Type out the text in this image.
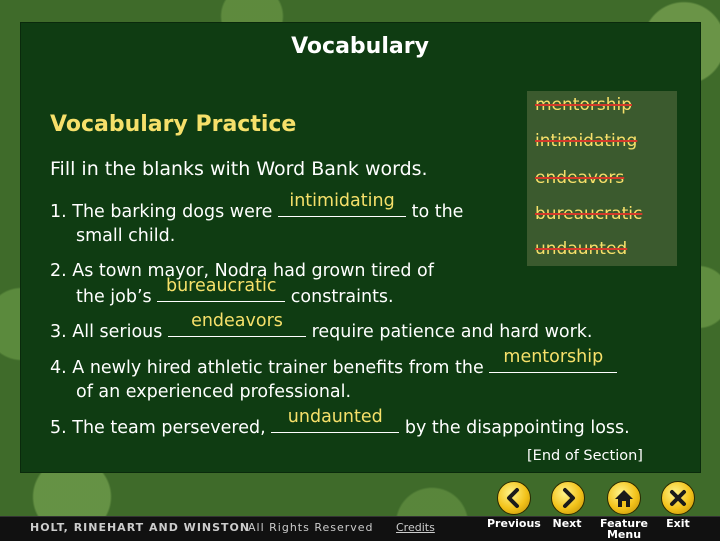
Vocabulary
Vocabulary Practice
Fill in the blanks with Word Bank words.
mentorship
intimidating
endeavors
bureaucratic
undaunted
1. The barking dogs were
intimidating
to the
small child.
2. As town mayor, Nodra had grown tired of
the job’s
bureaucratic
constraints.
3. All serious
endeavors
require patience and hard work.
4. A newly hired athletic trainer benefits from the
mentorship

of an experienced professional.
5. The team persevered,
undaunted
by the disappointing loss.
[End of Section]
HOLT, RINEHART AND WINSTON
All Rights Reserved Credits	Previous	Next	Feature
Menu
Exit
